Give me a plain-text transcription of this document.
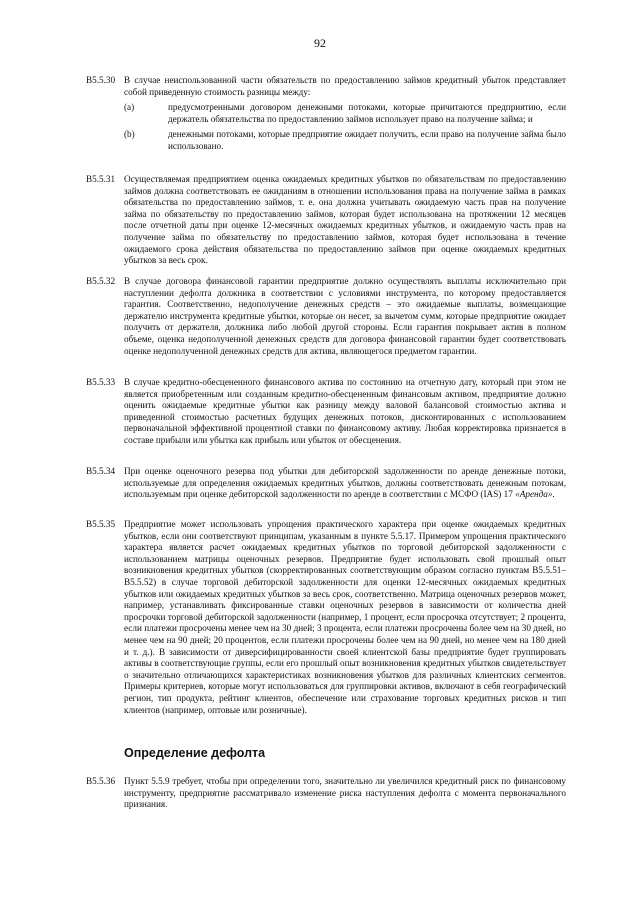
92
B5.5.30 В случае неиспользованной части обязательств по предоставлению займов кредитный убыток представляет собой приведенную стоимость разницы между:
(a)	предусмотренными договором денежными потоками, которые причитаются предприятию, если держатель обязательства по предоставлению займов использует право на получение займа; и
(b)	денежными потоками, которые предприятие ожидает получить, если право на получение займа было использовано.
B5.5.31 Осуществляемая предприятием оценка ожидаемых кредитных убытков по обязательствам по предоставлению займов должна соответствовать ее ожиданиям в отношении использования права на получение займа в рамках обязательства по предоставлению займов, т. е. она должна учитывать ожидаемую часть прав на получение займа по обязательству по предоставлению займов, которая будет использована на протяжении 12 месяцев после отчетной даты при оценке 12-месячных ожидаемых кредитных убытков, и ожидаемую часть прав на получение займа по обязательству по предоставлению займов, которая будет использована в течение ожидаемого срока действия обязательства по предоставлению займов при оценке ожидаемых кредитных убытков за весь срок.
B5.5.32 В случае договора финансовой гарантии предприятие должно осуществлять выплаты исключительно при наступлении дефолта должника в соответствии с условиями инструмента, по которому предоставляется гарантия. Соответственно, недополучение денежных средств – это ожидаемые выплаты, возмещающие держателю инструмента кредитные убытки, которые он несет, за вычетом сумм, которые предприятие ожидает получить от держателя, должника либо любой другой стороны. Если гарантия покрывает актив в полном объеме, оценка недополученной денежных средств для договора финансовой гарантии будет соответствовать оценке недополученной денежных средств для актива, являющегося предметом гарантии.
B5.5.33 В случае кредитно-обесцененного финансового актива по состоянию на отчетную дату, который при этом не является приобретенным или созданным кредитно-обесцененным финансовым активом, предприятие должно оценить ожидаемые кредитные убытки как разницу между валовой балансовой стоимостью актива и приведенной стоимостью расчетных будущих денежных потоков, дисконтированных с использованием первоначальной эффективной процентной ставки по финансовому активу. Любая корректировка признается в составе прибыли или убытка как прибыль или убыток от обесценения.
B5.5.34 При оценке оценочного резерва под убытки для дебиторской задолженности по аренде денежные потоки, используемые для определения ожидаемых кредитных убытков, должны соответствовать денежным потокам, используемым при оценке дебиторской задолженности по аренде в соответствии с МСФО (IAS) 17 «Аренда».
B5.5.35 Предприятие может использовать упрощения практического характера при оценке ожидаемых кредитных убытков, если они соответствуют принципам, указанным в пункте 5.5.17. Примером упрощения практического характера является расчет ожидаемых кредитных убытков по торговой дебиторской задолженности с использованием матрицы оценочных резервов. Предприятие будет использовать свой прошлый опыт возникновения кредитных убытков (скорректированных соответствующим образом согласно пунктам B5.5.51–B5.5.52) в случае торговой дебиторской задолженности для оценки 12-месячных ожидаемых кредитных убытков или ожидаемых кредитных убытков за весь срок, соответственно. Матрица оценочных резервов может, например, устанавливать фиксированные ставки оценочных резервов в зависимости от количества дней просрочки торговой дебиторской задолженности (например, 1 процент, если просрочка отсутствует; 2 процента, если платежи просрочены менее чем на 30 дней; 3 процента, если платежи просрочены более чем на 30 дней, но менее чем на 90 дней; 20 процентов, если платежи просрочены более чем на 90 дней, но менее чем на 180 дней и т. д.). В зависимости от диверсифицированности своей клиентской базы предприятие будет группировать активы в соответствующие группы, если его прошлый опыт возникновения кредитных убытков свидетельствует о значительно отличающихся характеристиках возникновения убытков для различных клиентских сегментов. Примеры критериев, которые могут использоваться для группировки активов, включают в себя географический регион, тип продукта, рейтинг клиентов, обеспечение или страхование торговых кредитных рисков и тип клиентов (например, оптовые или розничные).
Определение дефолта
B5.5.36 Пункт 5.5.9 требует, чтобы при определении того, значительно ли увеличился кредитный риск по финансовому инструменту, предприятие рассматривало изменение риска наступления дефолта с момента первоначального признания.
